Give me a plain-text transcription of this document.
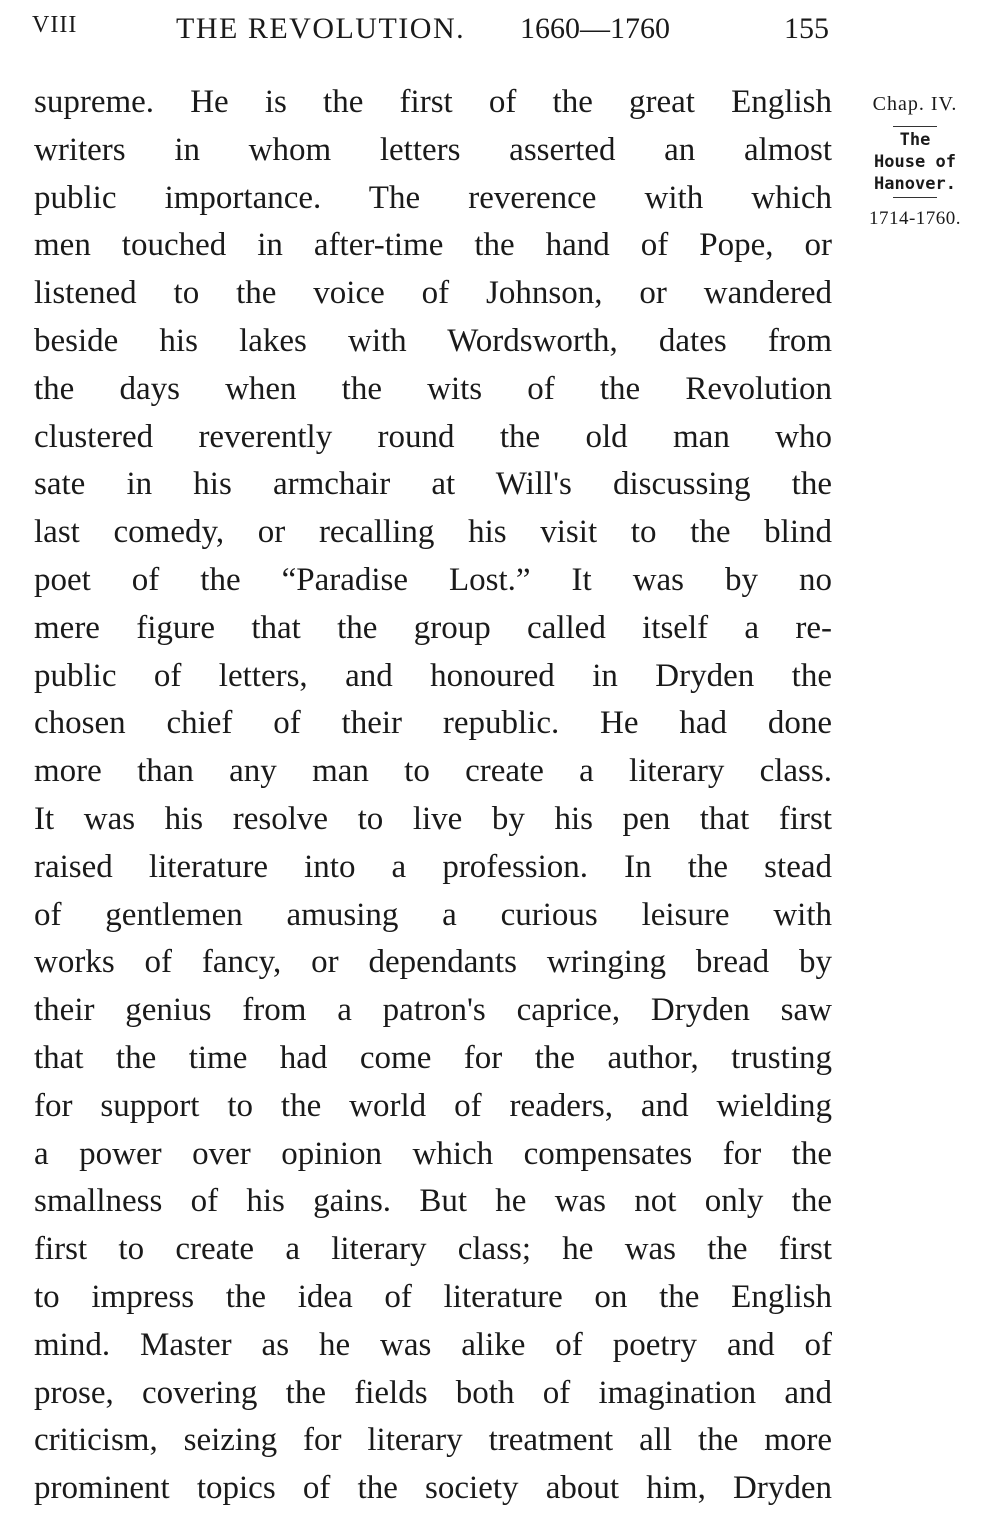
VIII	THE REVOLUTION. 1660—1760	155
supreme. He is the first of the great English
writers in whom letters asserted an almost
public importance. The reverence with which
men touched in after-time the hand of Pope, or
listened to the voice of Johnson, or wandered
beside his lakes with Wordsworth, dates from
the days when the wits of the Revolution
clustered reverently round the old man who
sate in his armchair at Will's discussing the
last comedy, or recalling his visit to the blind
poet of the “Paradise Lost.” It was by no
mere figure that the group called itself a re-
public of letters, and honoured in Dryden the
chosen chief of their republic. He had done
more than any man to create a literary class.
It was his resolve to live by his pen that first
raised literature into a profession. In the stead
of gentlemen amusing a curious leisure with
works of fancy, or dependants wringing bread by
their genius from a patron's caprice, Dryden saw
that the time had come for the author, trusting
for support to the world of readers, and wielding
a power over opinion which compensates for the
smallness of his gains. But he was not only the
first to create a literary class; he was the first
to impress the idea of literature on the English
mind. Master as he was alike of poetry and of
prose, covering the fields both of imagination and
criticism, seizing for literary treatment all the more
prominent topics of the society about him, Dryden
Chap. IV.
The
House of
Hanover.
1714-1760.
